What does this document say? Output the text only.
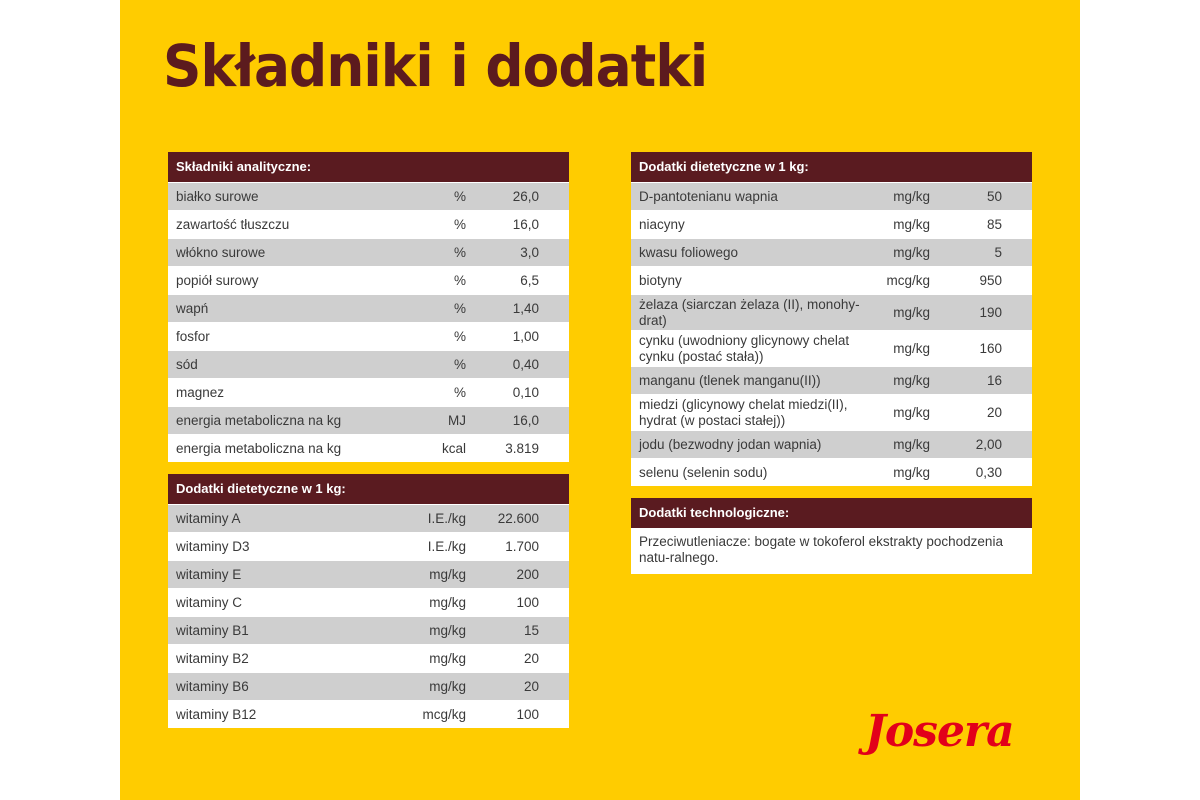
Składniki i dodatki
Składniki analityczne:
białko surowe	%	26,0
zawartość tłuszczu	%	16,0
włókno surowe	%	3,0
popiół surowy	%	6,5
wapń	%	1,40
fosfor	%	1,00
sód	%	0,40
magnez	%	0,10
energia metaboliczna na kg	MJ	16,0
energia metaboliczna na kg	kcal	3.819
Dodatki dietetyczne w 1 kg:
witaminy A	I.E./kg	22.600
witaminy D3	I.E./kg	1.700
witaminy E	mg/kg	200
witaminy C	mg/kg	100
witaminy B1	mg/kg	15
witaminy B2	mg/kg	20
witaminy B6	mg/kg	20
witaminy B12	mcg/kg	100
Dodatki dietetyczne w 1 kg:
D-pantotenianu wapnia	mg/kg	50
niacyny	mg/kg	85
kwasu foliowego	mg/kg	5
biotyny	mcg/kg	950
żelaza (siarczan żelaza (II), monohy-drat)	mg/kg	190
cynku (uwodniony glicynowy chelat cynku (postać stała))	mg/kg	160
manganu (tlenek manganu(II))	mg/kg	16
miedzi (glicynowy chelat miedzi(II), hydrat (w postaci stałej))	mg/kg	20
jodu (bezwodny jodan wapnia)	mg/kg	2,00
selenu (selenin sodu)	mg/kg	0,30
Dodatki technologiczne:
Przeciwutleniacze: bogate w tokoferol ekstrakty pochodzenia natu-ralnego.
Josera
